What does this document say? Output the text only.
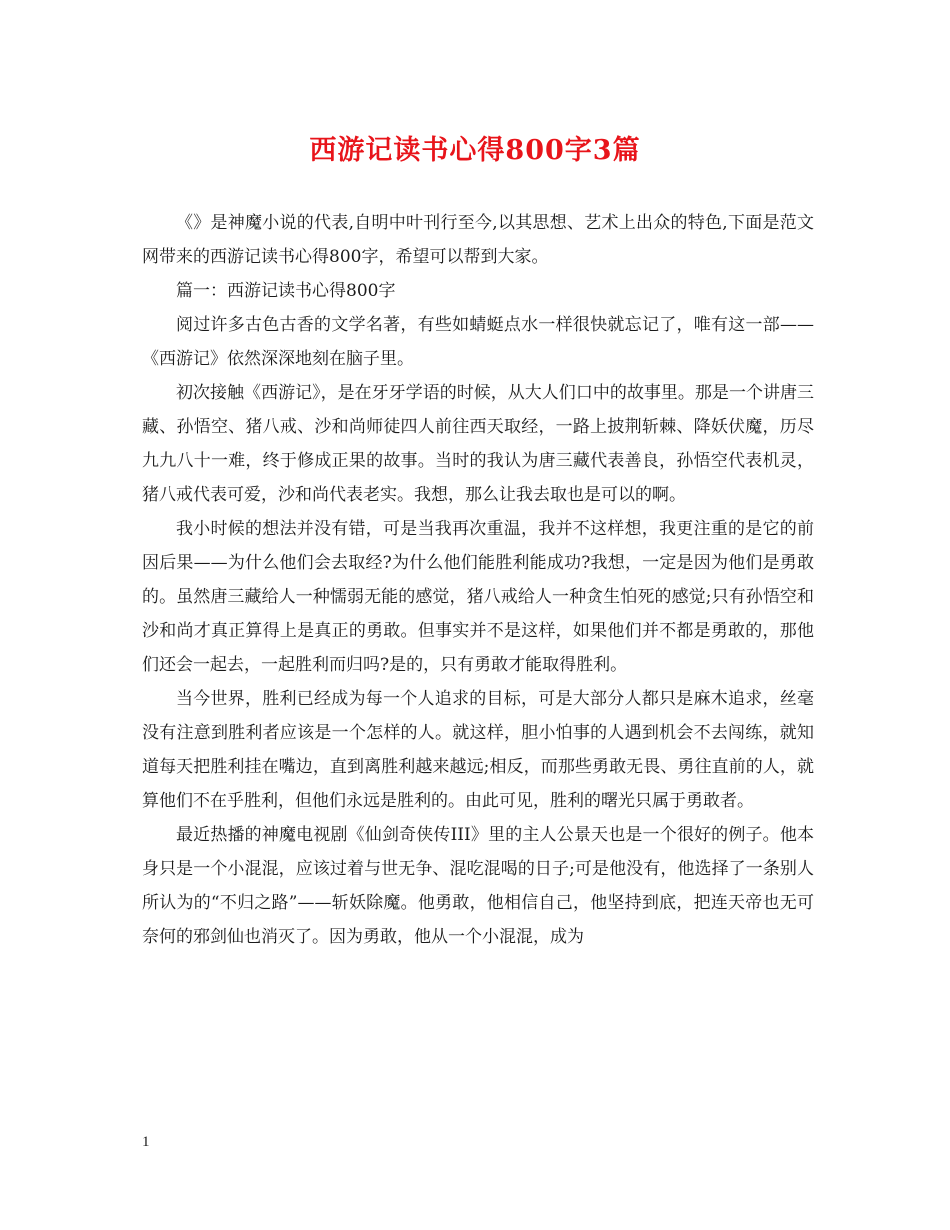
西游记读书心得800字3篇

《》是神魔小说的代表,自明中叶刊行至今,以其思想、艺术上出众的特色,下面是范文网带来的西游记读书心得800字，希望可以帮到大家。

篇一：西游记读书心得800字

阅过许多古色古香的文学名著，有些如蜻蜓点水一样很快就忘记了，唯有这一部——《西游记》依然深深地刻在脑子里。

初次接触《西游记》，是在牙牙学语的时候，从大人们口中的故事里。那是一个讲唐三藏、孙悟空、猪八戒、沙和尚师徒四人前往西天取经，一路上披荆斩棘、降妖伏魔，历尽九九八十一难，终于修成正果的故事。当时的我认为唐三藏代表善良，孙悟空代表机灵，猪八戒代表可爱，沙和尚代表老实。我想，那么让我去取也是可以的啊。

我小时候的想法并没有错，可是当我再次重温，我并不这样想，我更注重的是它的前因后果——为什么他们会去取经?为什么他们能胜利能成功?我想，一定是因为他们是勇敢的。虽然唐三藏给人一种懦弱无能的感觉，猪八戒给人一种贪生怕死的感觉;只有孙悟空和沙和尚才真正算得上是真正的勇敢。但事实并不是这样，如果他们并不都是勇敢的，那他们还会一起去，一起胜利而归吗?是的，只有勇敢才能取得胜利。

当今世界，胜利已经成为每一个人追求的目标，可是大部分人都只是麻木追求，丝毫没有注意到胜利者应该是一个怎样的人。就这样，胆小怕事的人遇到机会不去闯练，就知道每天把胜利挂在嘴边，直到离胜利越来越远;相反，而那些勇敢无畏、勇往直前的人，就算他们不在乎胜利，但他们永远是胜利的。由此可见，胜利的曙光只属于勇敢者。

最近热播的神魔电视剧《仙剑奇侠传III》里的主人公景天也是一个很好的例子。他本身只是一个小混混，应该过着与世无争、混吃混喝的日子;可是他没有，他选择了一条别人所认为的“不归之路”——斩妖除魔。他勇敢，他相信自己，他坚持到底，把连天帝也无可奈何的邪剑仙也消灭了。因为勇敢，他从一个小混混，成为

1
